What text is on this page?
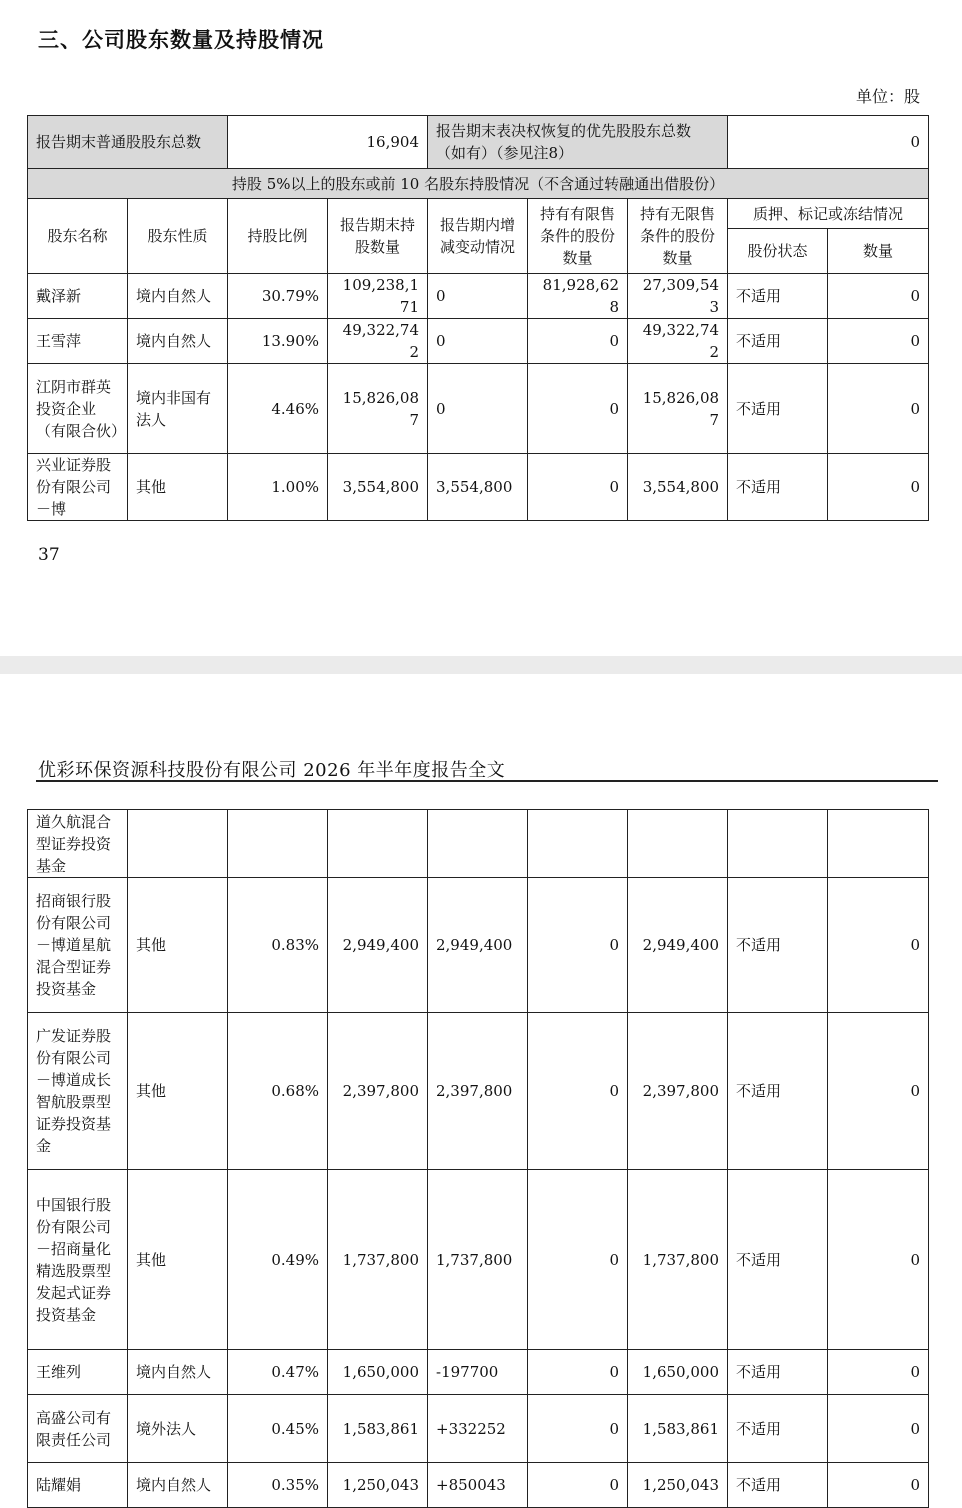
三、公司股东数量及持股情况
单位：股
报告期末普通股股东总数		16,904		报告期末表决权恢复的优先股股东总数（如有）（参见注8）			0	
持股 5%以上的股东或前 10 名股东持股情况（不含通过转融通出借股份）								
股东名称	股东性质	持股比例	报告期末持股数量	报告期内增减变动情况	持有有限售条件的股份数量	持有无限售条件的股份数量	质押、标记或冻结情况	
							股份状态	数量
戴泽新	境内自然人	30.79%	109,238,171	0	81,928,628	27,309,543	不适用	0
王雪萍	境内自然人	13.90%	49,322,742	0	0	49,322,742	不适用	0
江阴市群英投资企业（有限合伙）	境内非国有法人	4.46%	15,826,087	0	0	15,826,087	不适用	0
兴业证券股份有限公司－博	其他	1.00%	3,554,800	3,554,800	0	3,554,800	不适用	0
37
优彩环保资源科技股份有限公司 2026 年半年度报告全文
道久航混合型证券投资基金								
招商银行股份有限公司－博道星航混合型证券投资基金	其他	0.83%	2,949,400	2,949,400	0	2,949,400	不适用	0
广发证券股份有限公司－博道成长智航股票型证券投资基金	其他	0.68%	2,397,800	2,397,800	0	2,397,800	不适用	0
中国银行股份有限公司－招商量化精选股票型发起式证券投资基金	其他	0.49%	1,737,800	1,737,800	0	1,737,800	不适用	0
王维列	境内自然人	0.47%	1,650,000	-197700	0	1,650,000	不适用	0
高盛公司有限责任公司	境外法人	0.45%	1,583,861	+332252	0	1,583,861	不适用	0
陆耀娟	境内自然人	0.35%	1,250,043	+850043	0	1,250,043	不适用	0
